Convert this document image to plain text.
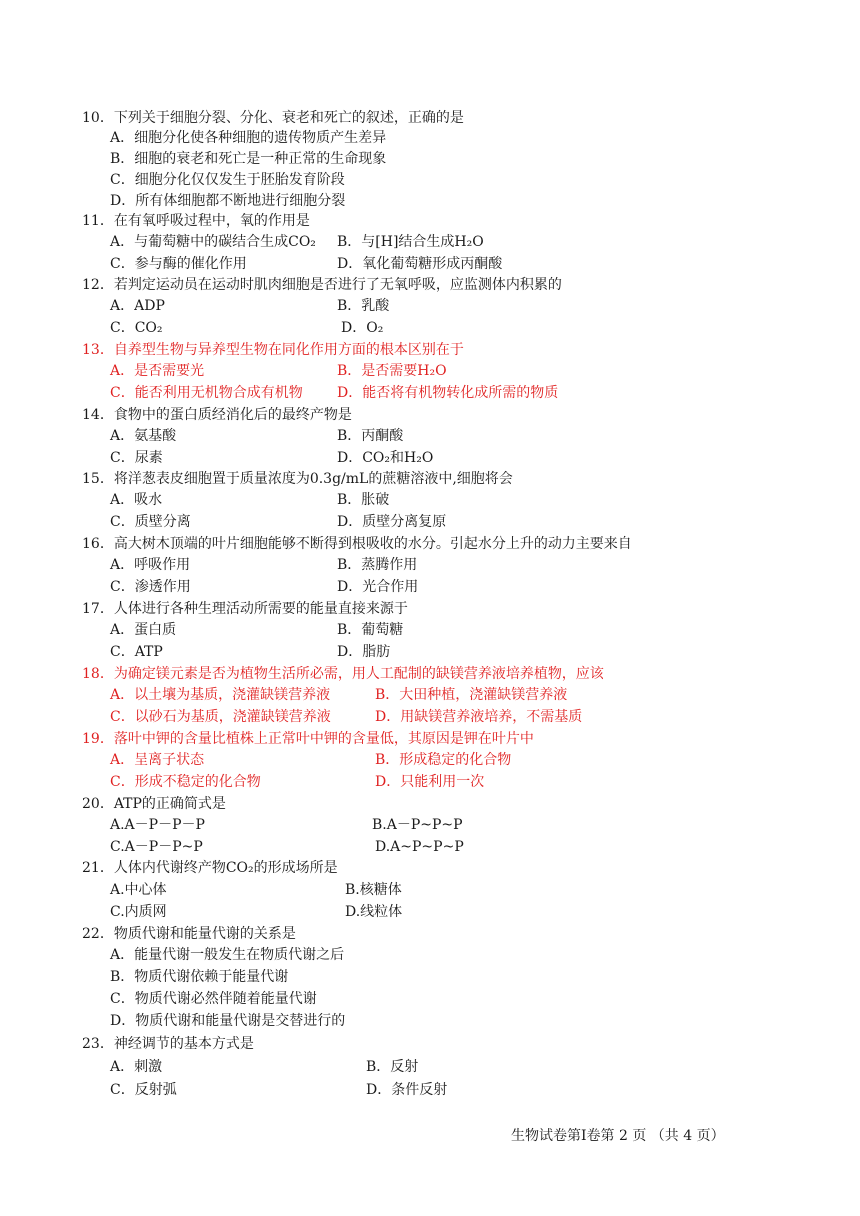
10．下列关于细胞分裂、分化、衰老和死亡的叙述，正确的是
A．细胞分化使各种细胞的遗传物质产生差异
B．细胞的衰老和死亡是一种正常的生命现象
C．细胞分化仅仅发生于胚胎发育阶段
D．所有体细胞都不断地进行细胞分裂
11．在有氧呼吸过程中，氧的作用是
A．与葡萄糖中的碳结合生成CO₂ B．与[H]结合生成H₂O
C．参与酶的催化作用	D．氧化葡萄糖形成丙酮酸
12．若判定运动员在运动时肌肉细胞是否进行了无氧呼吸，应监测体内积累的
A．ADP	B．乳酸
C．CO₂	D．O₂
13．自养型生物与异养型生物在同化作用方面的根本区别在于
A．是否需要光	B．是否需要H₂O
C．能否利用无机物合成有机物 D．能否将有机物转化成所需的物质
14．食物中的蛋白质经消化后的最终产物是
A．氨基酸	B．丙酮酸
C．尿素	D．CO₂和H₂O
15．将洋葱表皮细胞置于质量浓度为0.3g/mL的蔗糖溶液中,细胞将会
A．吸水	B．胀破
C．质壁分离	D．质壁分离复原
16．高大树木顶端的叶片细胞能够不断得到根吸收的水分。引起水分上升的动力主要来自
A．呼吸作用	B．蒸腾作用
C．渗透作用	D．光合作用
17．人体进行各种生理活动所需要的能量直接来源于
A．蛋白质	B．葡萄糖
C．ATP	D．脂肪
18．为确定镁元素是否为植物生活所必需，用人工配制的缺镁营养液培养植物，应该
A．以土壤为基质，浇灌缺镁营养液	B．大田种植，浇灌缺镁营养液
C．以砂石为基质，浇灌缺镁营养液	D．用缺镁营养液培养，不需基质
19．落叶中钾的含量比植株上正常叶中钾的含量低，其原因是钾在叶片中
A．呈离子状态	B．形成稳定的化合物
C．形成不稳定的化合物	D．只能利用一次
20．ATP的正确简式是
A.A－P－P－P	B.A－P~P~P
C.A－P－P~P	D.A~P~P~P
21．人体内代谢终产物CO₂的形成场所是
A.中心体	B.核糖体
C.内质网	D.线粒体
22．物质代谢和能量代谢的关系是
A．能量代谢一般发生在物质代谢之后
B．物质代谢依赖于能量代谢
C．物质代谢必然伴随着能量代谢
D．物质代谢和能量代谢是交替进行的
23．神经调节的基本方式是
A．刺激	B．反射
C．反射弧	D．条件反射
生物试卷第Ⅰ卷第 2 页 （共 4 页）
